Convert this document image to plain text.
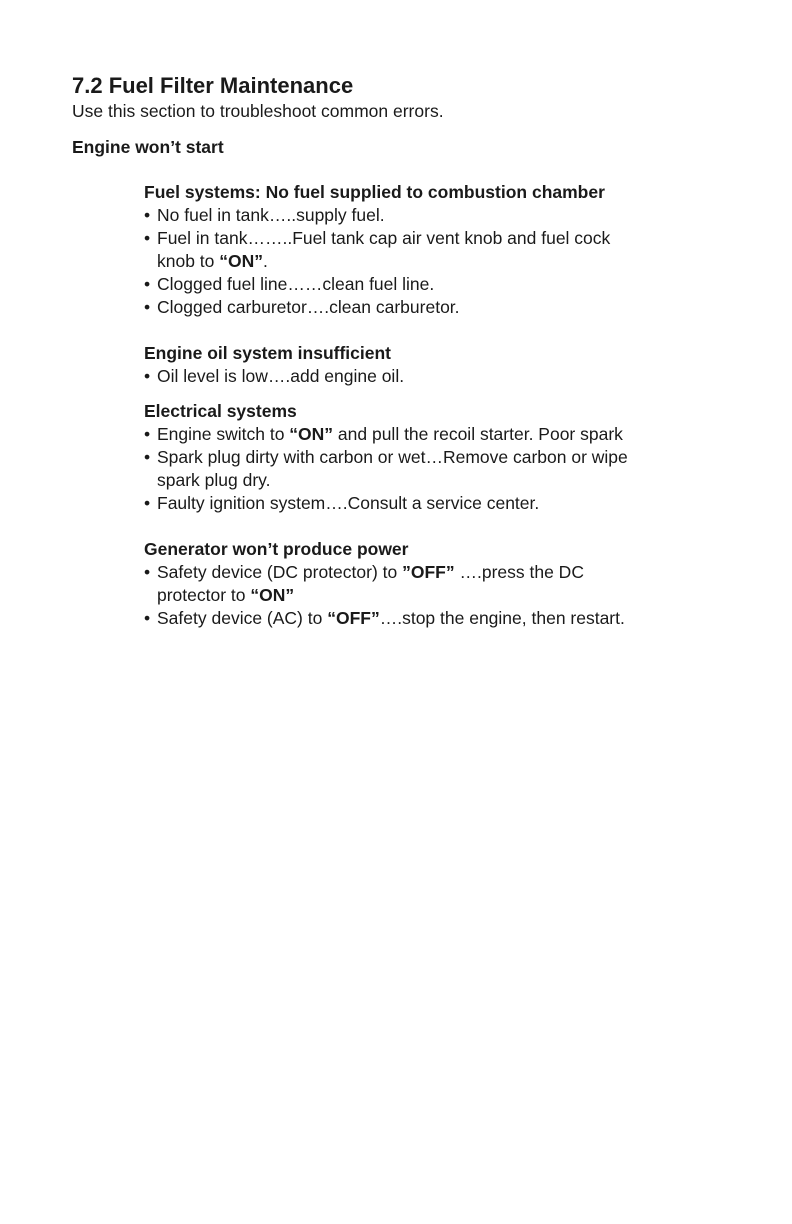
7.2 Fuel Filter Maintenance

Use this section to troubleshoot common errors.

Engine won’t start
Fuel systems: No fuel supplied to combustion chamber
• No fuel in tank…..supply fuel.
• Fuel in tank……..Fuel tank cap air vent knob and fuel cock
knob to “ON”.
• Clogged fuel line……clean fuel line.
• Clogged carburetor….clean carburetor.
Engine oil system insufficient
• Oil level is low….add engine oil.
Electrical systems
• Engine switch to “ON” and pull the recoil starter. Poor spark
• Spark plug dirty with carbon or wet…Remove carbon or wipe
spark plug dry.
• Faulty ignition system….Consult a service center.
Generator won’t produce power
• Safety device (DC protector) to ”OFF” ….press the DC
protector to “ON”
• Safety device (AC) to “OFF”….stop the engine, then restart.
